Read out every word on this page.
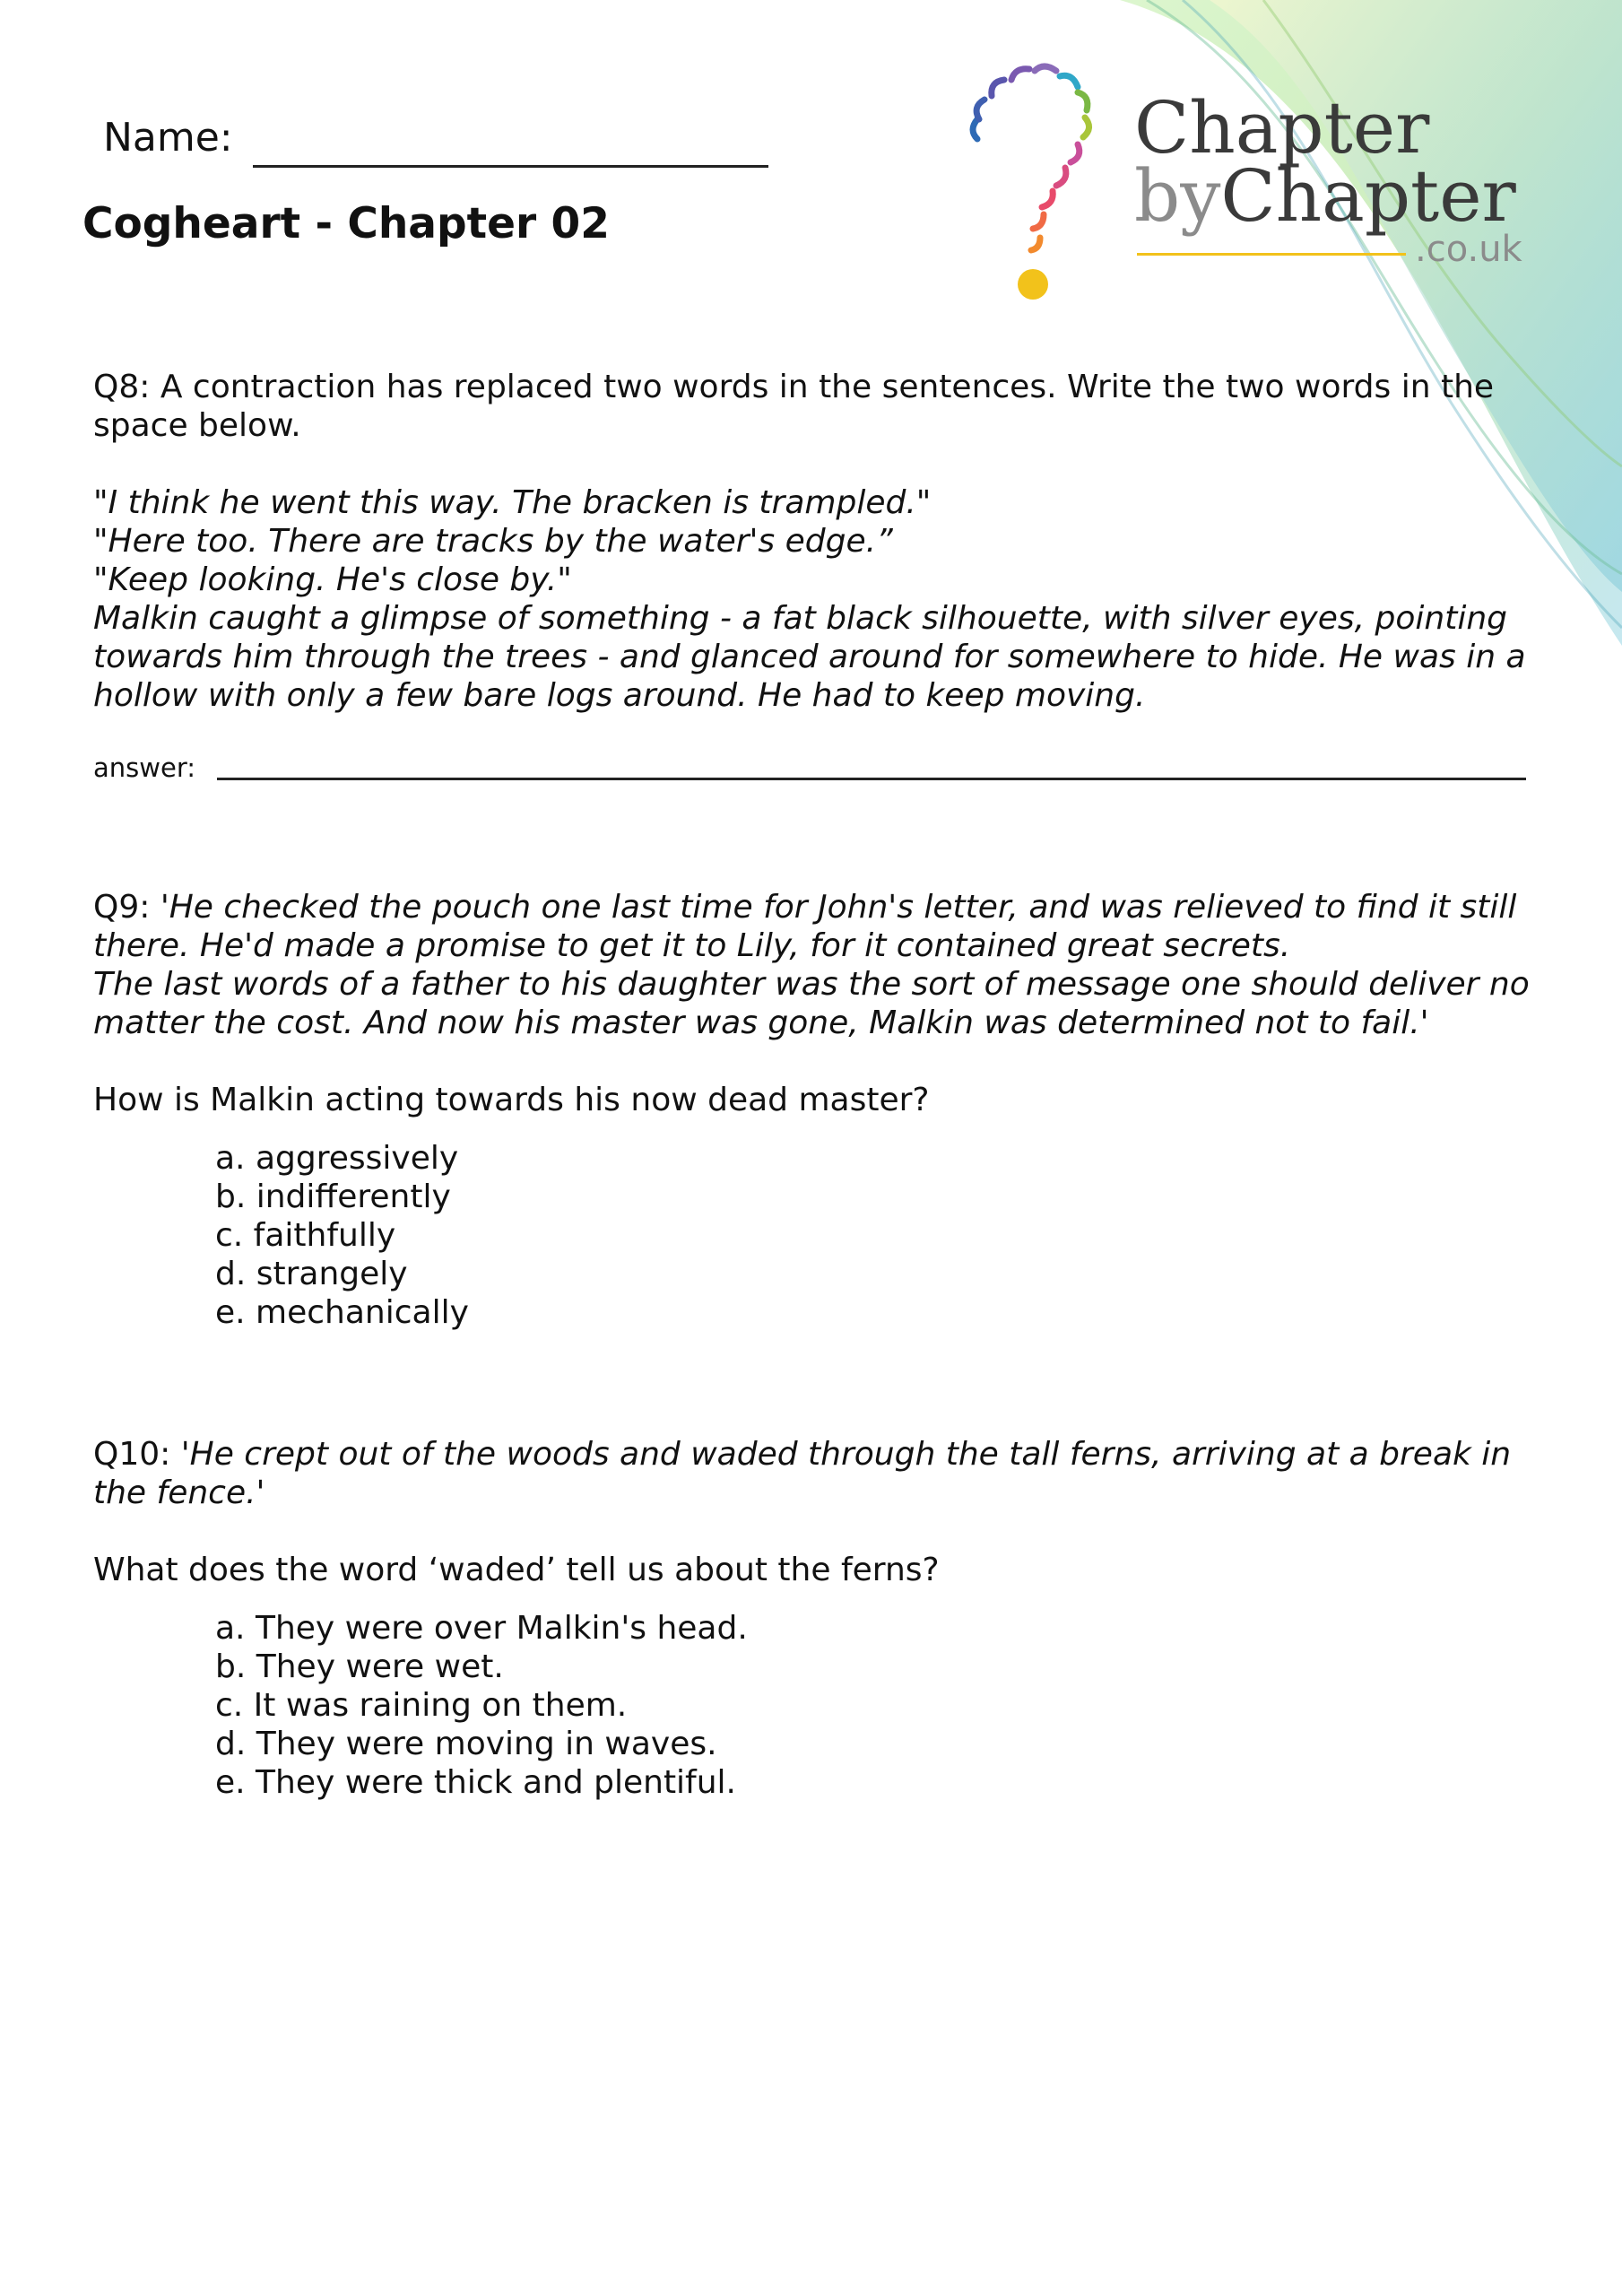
Name:
Cogheart - Chapter 02
Chapter
byChapter
.co.uk
Q8: A contraction has replaced two words in the sentences. Write the two words in the space below.
"I think he went this way. The bracken is trampled."
"Here too. There are tracks by the water's edge.”
"Keep looking. He's close by."
Malkin caught a glimpse of something - a fat black silhouette, with silver eyes, pointing towards him through the trees - and glanced around for somewhere to hide. He was in a hollow with only a few bare logs around. He had to keep moving.
answer:
Q9: 'He checked the pouch one last time for John's letter, and was relieved to find it still there. He'd made a promise to get it to Lily, for it contained great secrets.
The last words of a father to his daughter was the sort of message one should deliver no matter the cost. And now his master was gone, Malkin was determined not to fail.'
How is Malkin acting towards his now dead master?
a. aggressively
b. indifferently
c. faithfully
d. strangely
e. mechanically
Q10: 'He crept out of the woods and waded through the tall ferns, arriving at a break in the fence.'
What does the word ‘waded’ tell us about the ferns?
a. They were over Malkin's head.
b. They were wet.
c. It was raining on them.
d. They were moving in waves.
e. They were thick and plentiful.
